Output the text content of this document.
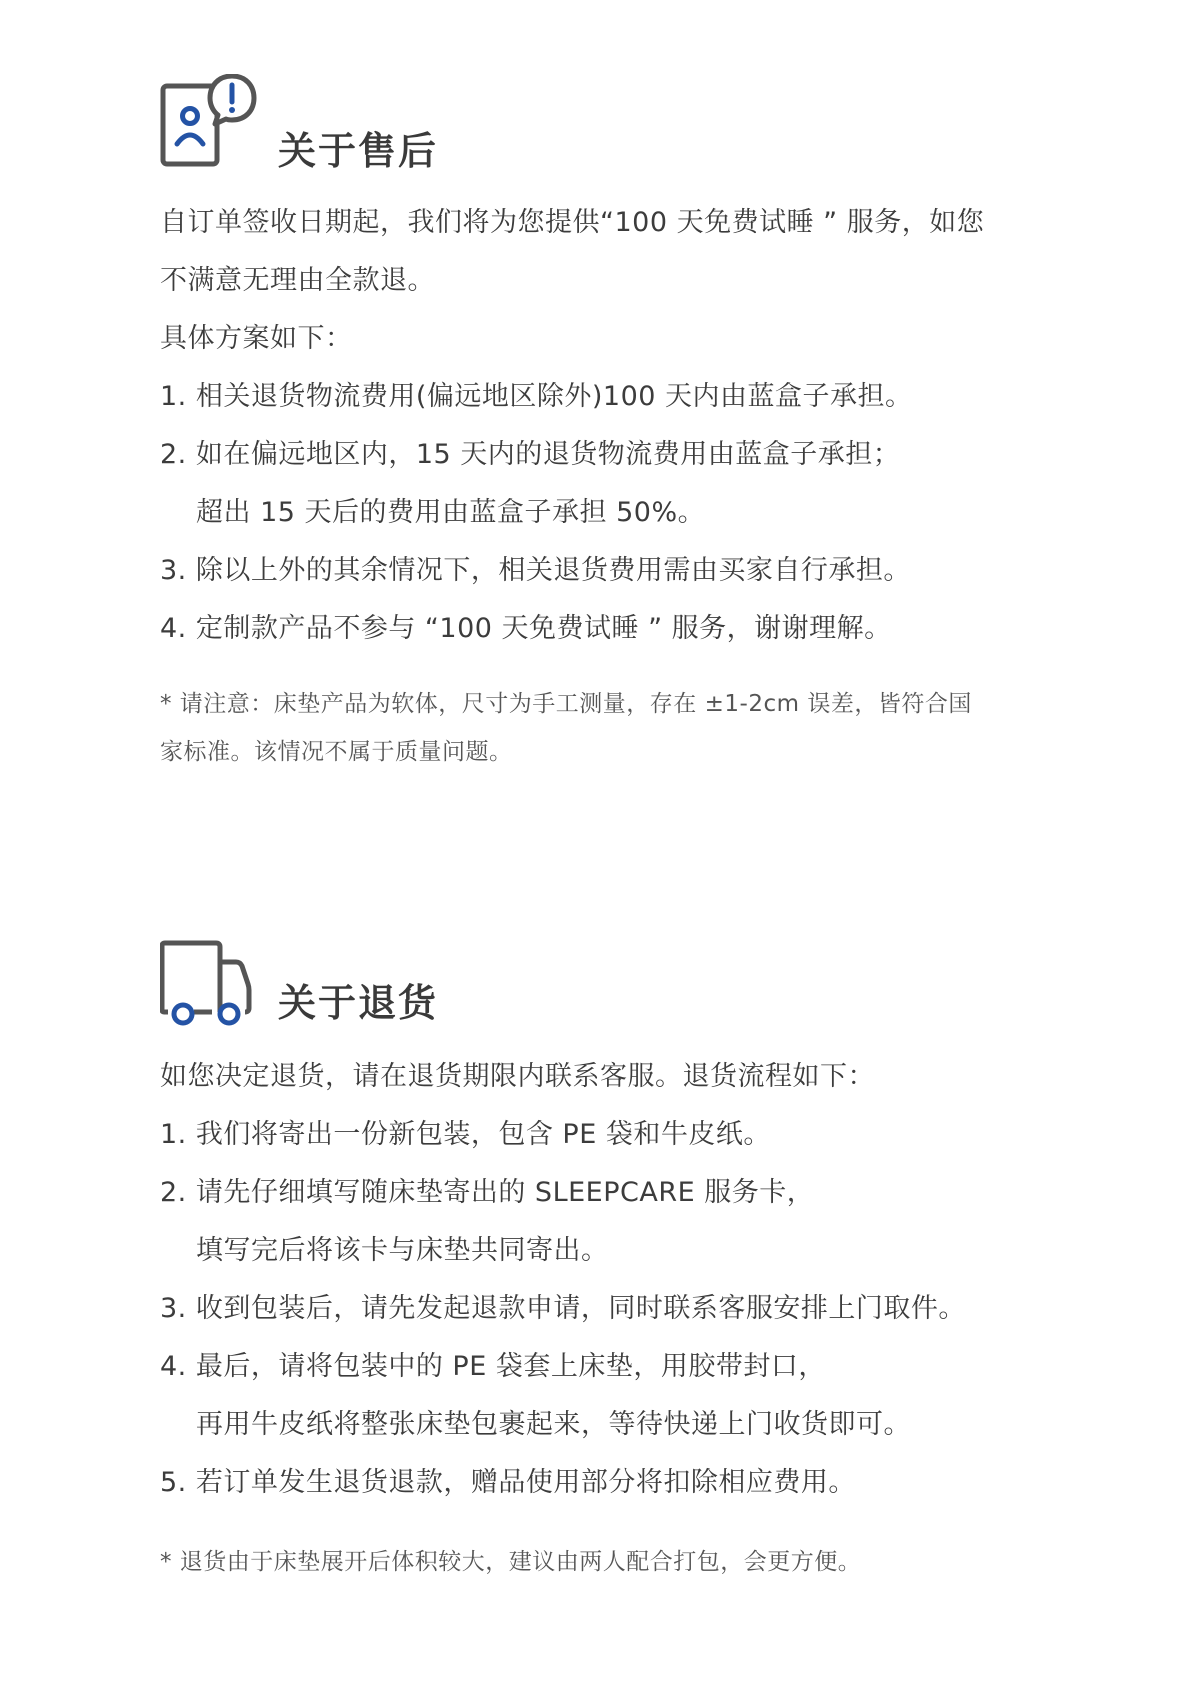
关于售后

自订单签收日期起，我们将为您提供“100 天免费试睡 ” 服务，如您

不满意无理由全款退。

具体方案如下：

1. 相关退货物流费用(偏远地区除外)100 天内由蓝盒子承担。

2. 如在偏远地区内，15 天内的退货物流费用由蓝盒子承担；

超出 15 天后的费用由蓝盒子承担 50%。

3. 除以上外的其余情况下，相关退货费用需由买家自行承担。

4. 定制款产品不参与 “100 天免费试睡 ” 服务，谢谢理解。

* 请注意：床垫产品为软体，尺寸为手工测量，存在 ±1-2cm 误差，皆符合国

家标准。该情况不属于质量问题。

关于退货

如您决定退货，请在退货期限内联系客服。退货流程如下：

1. 我们将寄出一份新包装，包含 PE 袋和牛皮纸。

2. 请先仔细填写随床垫寄出的 SLEEPCARE 服务卡，

填写完后将该卡与床垫共同寄出。

3. 收到包装后，请先发起退款申请，同时联系客服安排上门取件。

4. 最后，请将包装中的 PE 袋套上床垫，用胶带封口，

再用牛皮纸将整张床垫包裹起来，等待快递上门收货即可。

5. 若订单发生退货退款，赠品使用部分将扣除相应费用。

* 退货由于床垫展开后体积较大，建议由两人配合打包，会更方便。
